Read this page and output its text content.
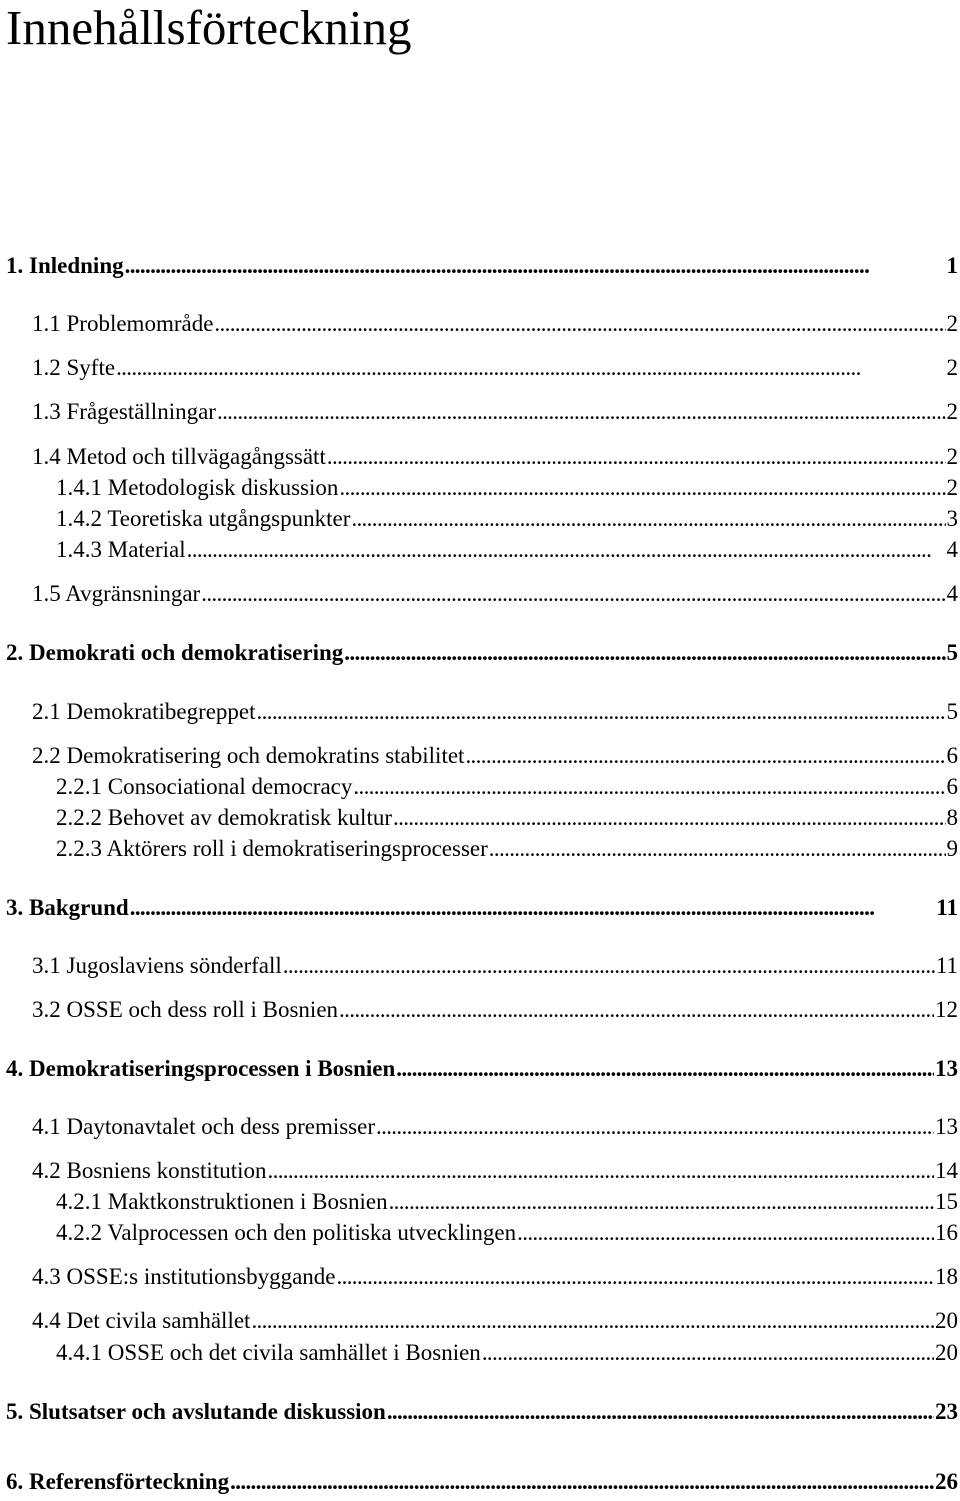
Innehållsförteckning
1. Inledning . . .	1
1.1 Problemområde . . .	2
1.2 Syfte . . .	2
1.3 Frågeställningar . . .	2
1.4 Metod och tillvägagångssätt . . .	2
1.4.1 Metodologisk diskussion . . .	2
1.4.2 Teoretiska utgångspunkter . . .	3
1.4.3 Material . . .	4
1.5 Avgränsningar . . .	4
2. Demokrati och demokratisering . . .	5
2.1 Demokratibegreppet . . .	5
2.2 Demokratisering och demokratins stabilitet . . .	6
2.2.1 Consociational democracy . . .	6
2.2.2 Behovet av demokratisk kultur . . .	8
2.2.3 Aktörers roll i demokratiseringsprocesser . . .	9
3. Bakgrund . . .	11
3.1 Jugoslaviens sönderfall . . .	11
3.2 OSSE och dess roll i Bosnien . . .	12
4. Demokratiseringsprocessen i Bosnien . . .	13
4.1 Daytonavtalet och dess premisser . . .	13
4.2 Bosniens konstitution . . .	14
4.2.1 Maktkonstruktionen i Bosnien . . .	15
4.2.2 Valprocessen och den politiska utvecklingen . . .	16
4.3 OSSE:s institutionsbyggande . . .	18
4.4 Det civila samhället . . .	20
4.4.1 OSSE och det civila samhället i Bosnien . . .	20
5. Slutsatser och avslutande diskussion . . .	23
6. Referensförteckning . . .	26
